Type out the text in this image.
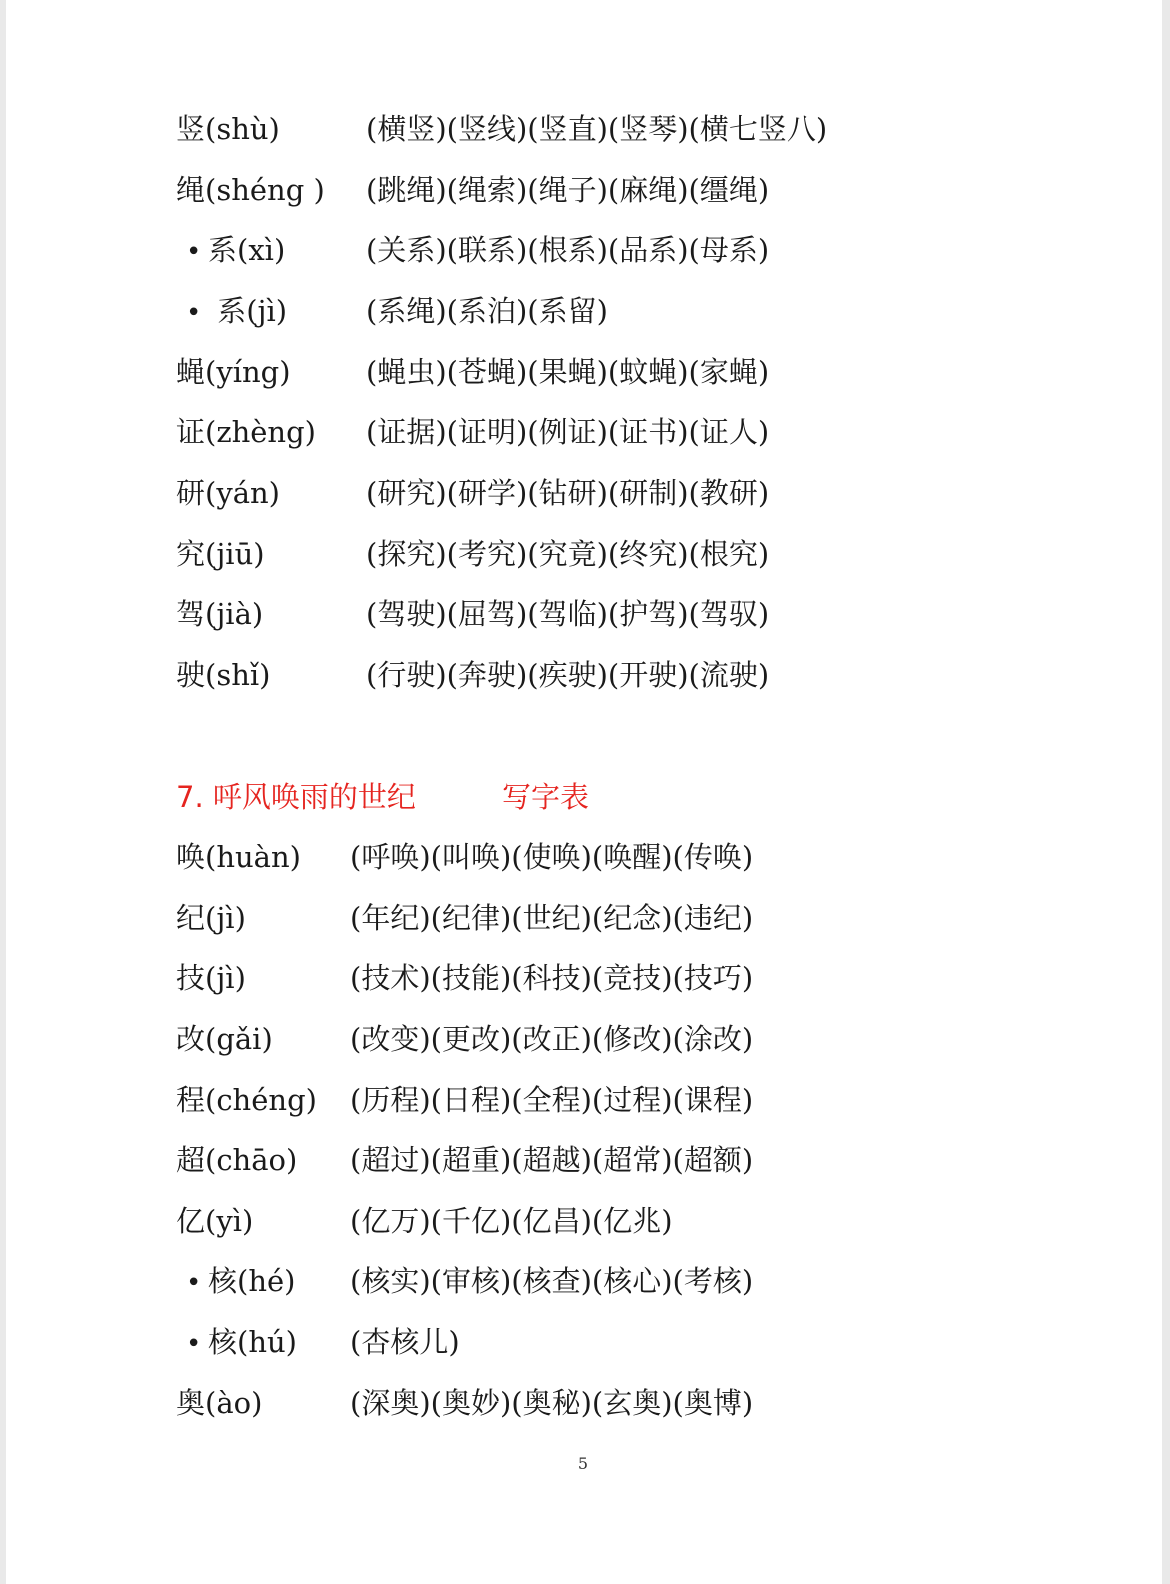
竖(shù)	(横竖)(竖线)(竖直)(竖琴)(横七竖八)
绳(shéng ) (跳绳)(绳索)(绳子)(麻绳)(缰绳)
• 系(xì)	(关系)(联系)(根系)(品系)(母系)
• 系(jì)	(系绳)(系泊)(系留)
蝇(yíng)	(蝇虫)(苍蝇)(果蝇)(蚊蝇)(家蝇)
证(zhèng) (证据)(证明)(例证)(证书)(证人)
研(yán)	(研究)(研学)(钻研)(研制)(教研)
究(jiū)	(探究)(考究)(究竟)(终究)(根究)
驾(jià)	(驾驶)(屈驾)(驾临)(护驾)(驾驭)
驶(shǐ)	(行驶)(奔驶)(疾驶)(开驶)(流驶)
7. 呼风唤雨的世纪	写字表
唤(huàn) (呼唤)(叫唤)(使唤)(唤醒)(传唤)
纪(jì)	(年纪)(纪律)(世纪)(纪念)(违纪)
技(jì)	(技术)(技能)(科技)(竞技)(技巧)
改(gǎi)	(改变)(更改)(改正)(修改)(涂改)
程(chéng) (历程)(日程)(全程)(过程)(课程)
超(chāo) (超过)(超重)(超越)(超常)(超额)
亿(yì)	(亿万)(千亿)(亿昌)(亿兆)
• 核(hé) (核实)(审核)(核查)(核心)(考核)
• 核(hú) (杏核儿)
奥(ào)	(深奥)(奥妙)(奥秘)(玄奥)(奥博)
5
